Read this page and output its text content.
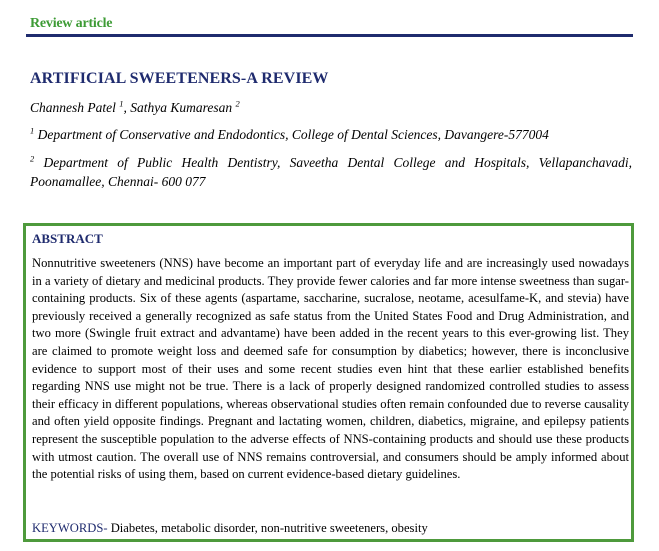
Review article
ARTIFICIAL SWEETENERS-A REVIEW
Channesh Patel $^1$, Sathya Kumaresan $^2$
$^1$ Department of Conservative and Endodontics, College of Dental Sciences, Davangere-577004
$^2$ Department of Public Health Dentistry, Saveetha Dental College and Hospitals, Vellapanchavadi, Poonamallee, Chennai- 600 077
ABSTRACT
Nonnutritive sweeteners (NNS) have become an important part of everyday life and are increasingly used nowadays in a variety of dietary and medicinal products. They provide fewer calories and far more intense sweetness than sugar-containing products. Six of these agents (aspartame, saccharine, sucralose, neotame, acesulfame-K, and stevia) have previously received a generally recognized as safe status from the United States Food and Drug Administration, and two more (Swingle fruit extract and advantame) have been added in the recent years to this ever-growing list. They are claimed to promote weight loss and deemed safe for consumption by diabetics; however, there is inconclusive evidence to support most of their uses and some recent studies even hint that these earlier established benefits regarding NNS use might not be true. There is a lack of properly designed randomized controlled studies to assess their efficacy in different populations, whereas observational studies often remain confounded due to reverse causality and often yield opposite findings. Pregnant and lactating women, children, diabetics, migraine, and epilepsy patients represent the susceptible population to the adverse effects of NNS-containing products and should use these products with utmost caution. The overall use of NNS remains controversial, and consumers should be amply informed about the potential risks of using them, based on current evidence-based dietary guidelines.
KEYWORDS- Diabetes, metabolic disorder, non-nutritive sweeteners, obesity
